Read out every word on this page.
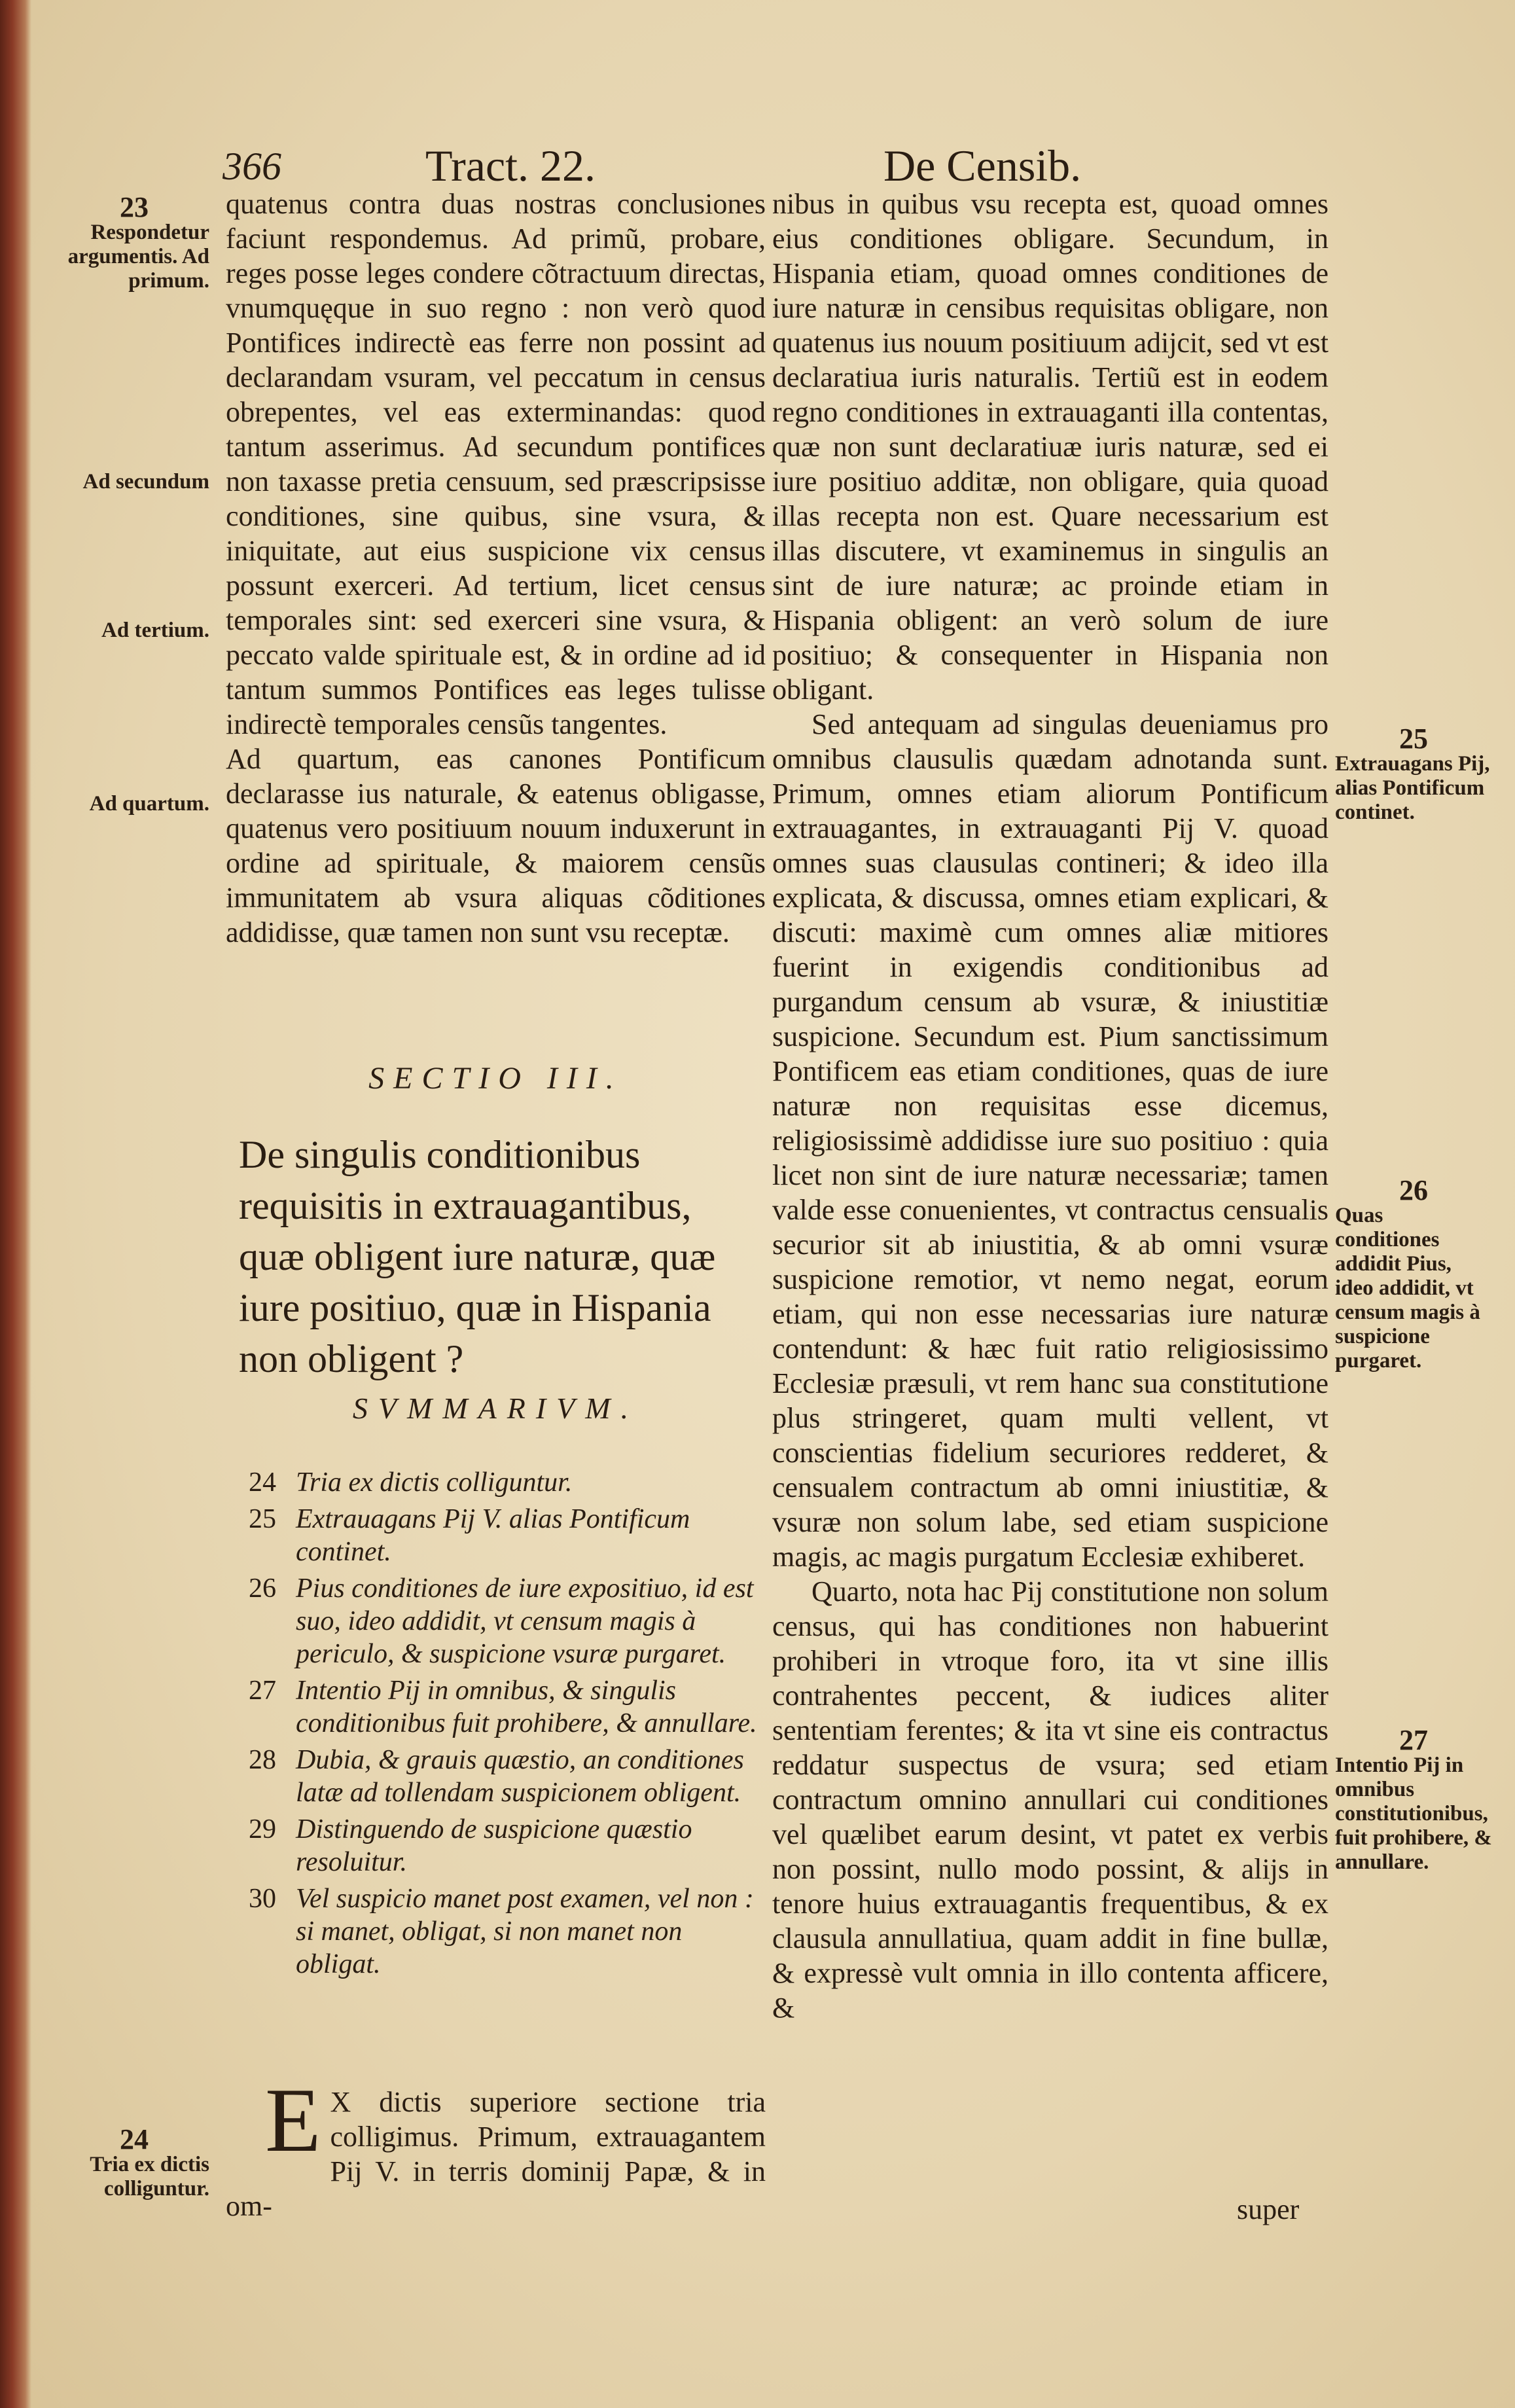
366	Tract. 22.	De Censib.
23
Respondetur argumentis. Ad primum.
Ad secundum
Ad tertium.
Ad quartum.
24
Tria ex dictis colliguntur.

quatenus contra duas nostras conclusiones faciunt respondemus. Ad primũ, probare, reges posse leges condere cõtractuum directas, vnumquęque in suo regno : non verò quod Pontifices indirectè eas ferre non possint ad declarandam vsuram, vel peccatum in census obrepentes, vel eas exterminandas: quod tantum asserimus. Ad secundum pontifices non taxasse pretia censuum, sed præscripsisse conditiones, sine quibus, sine vsura, & iniquitate, aut eius suspicione vix census possunt exerceri. Ad tertium, licet census temporales sint: sed exerceri sine vsura, & peccato valde spirituale est, & in ordine ad id tantum summos Pontifices eas leges tulisse indirectè temporales censũs tangentes.

Ad quartum, eas canones Pontificum declarasse ius naturale, & eatenus obligasse, quatenus vero positiuum nouum induxerunt in ordine ad spirituale, & maiorem censũs immunitatem ab vsura aliquas cõditiones addidisse, quæ tamen non sunt vsu receptæ.

SECTIO III.
De singulis conditionibus requisitis in extrauagantibus, quæ obligent iure naturæ, quæ iure positiuo, quæ in Hispania non obligent ?
SVMMARIVM.
24 Tria ex dictis colliguntur.
25 Extrauagans Pij V. alias Pontificum continet.
26 Pius conditiones de iure expositiuo, id est suo, ideo addidit, vt censum magis à periculo, & suspicione vsuræ purgaret.
27 Intentio Pij in omnibus, & singulis conditionibus fuit prohibere, & annullare.
28 Dubia, & grauis quæstio, an conditiones latæ ad tollendam suspicionem obligent.
29 Distinguendo de suspicione quæstio resoluitur.
30 Vel suspicio manet post examen, vel non : si manet, obligat, si non manet non obligat.
E X dictis superiore sectione tria colligimus. Primum, extrauagantem Pij V. in terris dominij Papæ, & in om-

nibus in quibus vsu recepta est, quoad omnes eius conditiones obligare. Secundum, in Hispania etiam, quoad omnes conditiones de iure naturæ in censibus requisitas obligare, non quatenus ius nouum positiuum adijcit, sed vt est declaratiua iuris naturalis. Tertiũ est in eodem regno conditiones in extrauaganti illa contentas, quæ non sunt declaratiuæ iuris naturæ, sed ei iure positiuo additæ, non obligare, quia quoad illas recepta non est. Quare necessarium est illas discutere, vt examinemus in singulis an sint de iure naturæ; ac proinde etiam in Hispania obligent: an verò solum de iure positiuo; & consequenter in Hispania non obligant.

Sed antequam ad singulas deueniamus pro omnibus clausulis quædam adnotanda sunt. Primum, omnes etiam aliorum Pontificum extrauagantes, in extrauaganti Pij V. quoad omnes suas clausulas contineri; & ideo illa explicata, & discussa, omnes etiam explicari, & discuti: maximè cum omnes aliæ mitiores fuerint in exigendis conditionibus ad purgandum censum ab vsuræ, & iniustitiæ suspicione. Secundum est. Pium sanctissimum Pontificem eas etiam conditiones, quas de iure naturæ non requisitas esse dicemus, religiosissimè addidisse iure suo positiuo : quia licet non sint de iure naturæ necessariæ; tamen valde esse conuenientes, vt contractus censualis securior sit ab iniustitia, & ab omni vsuræ suspicione remotior, vt nemo negat, eorum etiam, qui non esse necessarias iure naturæ contendunt: & hæc fuit ratio religiosissimo Ecclesiæ præsuli, vt rem hanc sua constitutione plus stringeret, quam multi vellent, vt conscientias fidelium securiores redderet, & censualem contractum ab omni iniustitiæ, & vsuræ non solum labe, sed etiam suspicione magis, ac magis purgatum Ecclesiæ exhiberet.

Quarto, nota hac Pij constitutione non solum census, qui has conditiones non habuerint prohiberi in vtroque foro, ita vt sine illis contrahentes peccent, & iudices aliter sententiam ferentes; & ita vt sine eis contractus reddatur suspectus de vsura; sed etiam contractum omnino annullari cui conditiones vel quælibet earum desint, vt patet ex verbis non possint, nullo modo possint, & alijs in tenore huius extrauagantis frequentibus, & ex clausula annullatiua, quam addit in fine bullæ, & expressè vult omnia in illo contenta afficere, &

25
Extrauagans Pij, alias Pontificum continet.
26
Quas conditiones addidit Pius, ideo addidit, vt censum magis à suspicione purgaret.
27
Intentio Pij in omnibus constitutionibus, fuit prohibere, & annullare.
super
